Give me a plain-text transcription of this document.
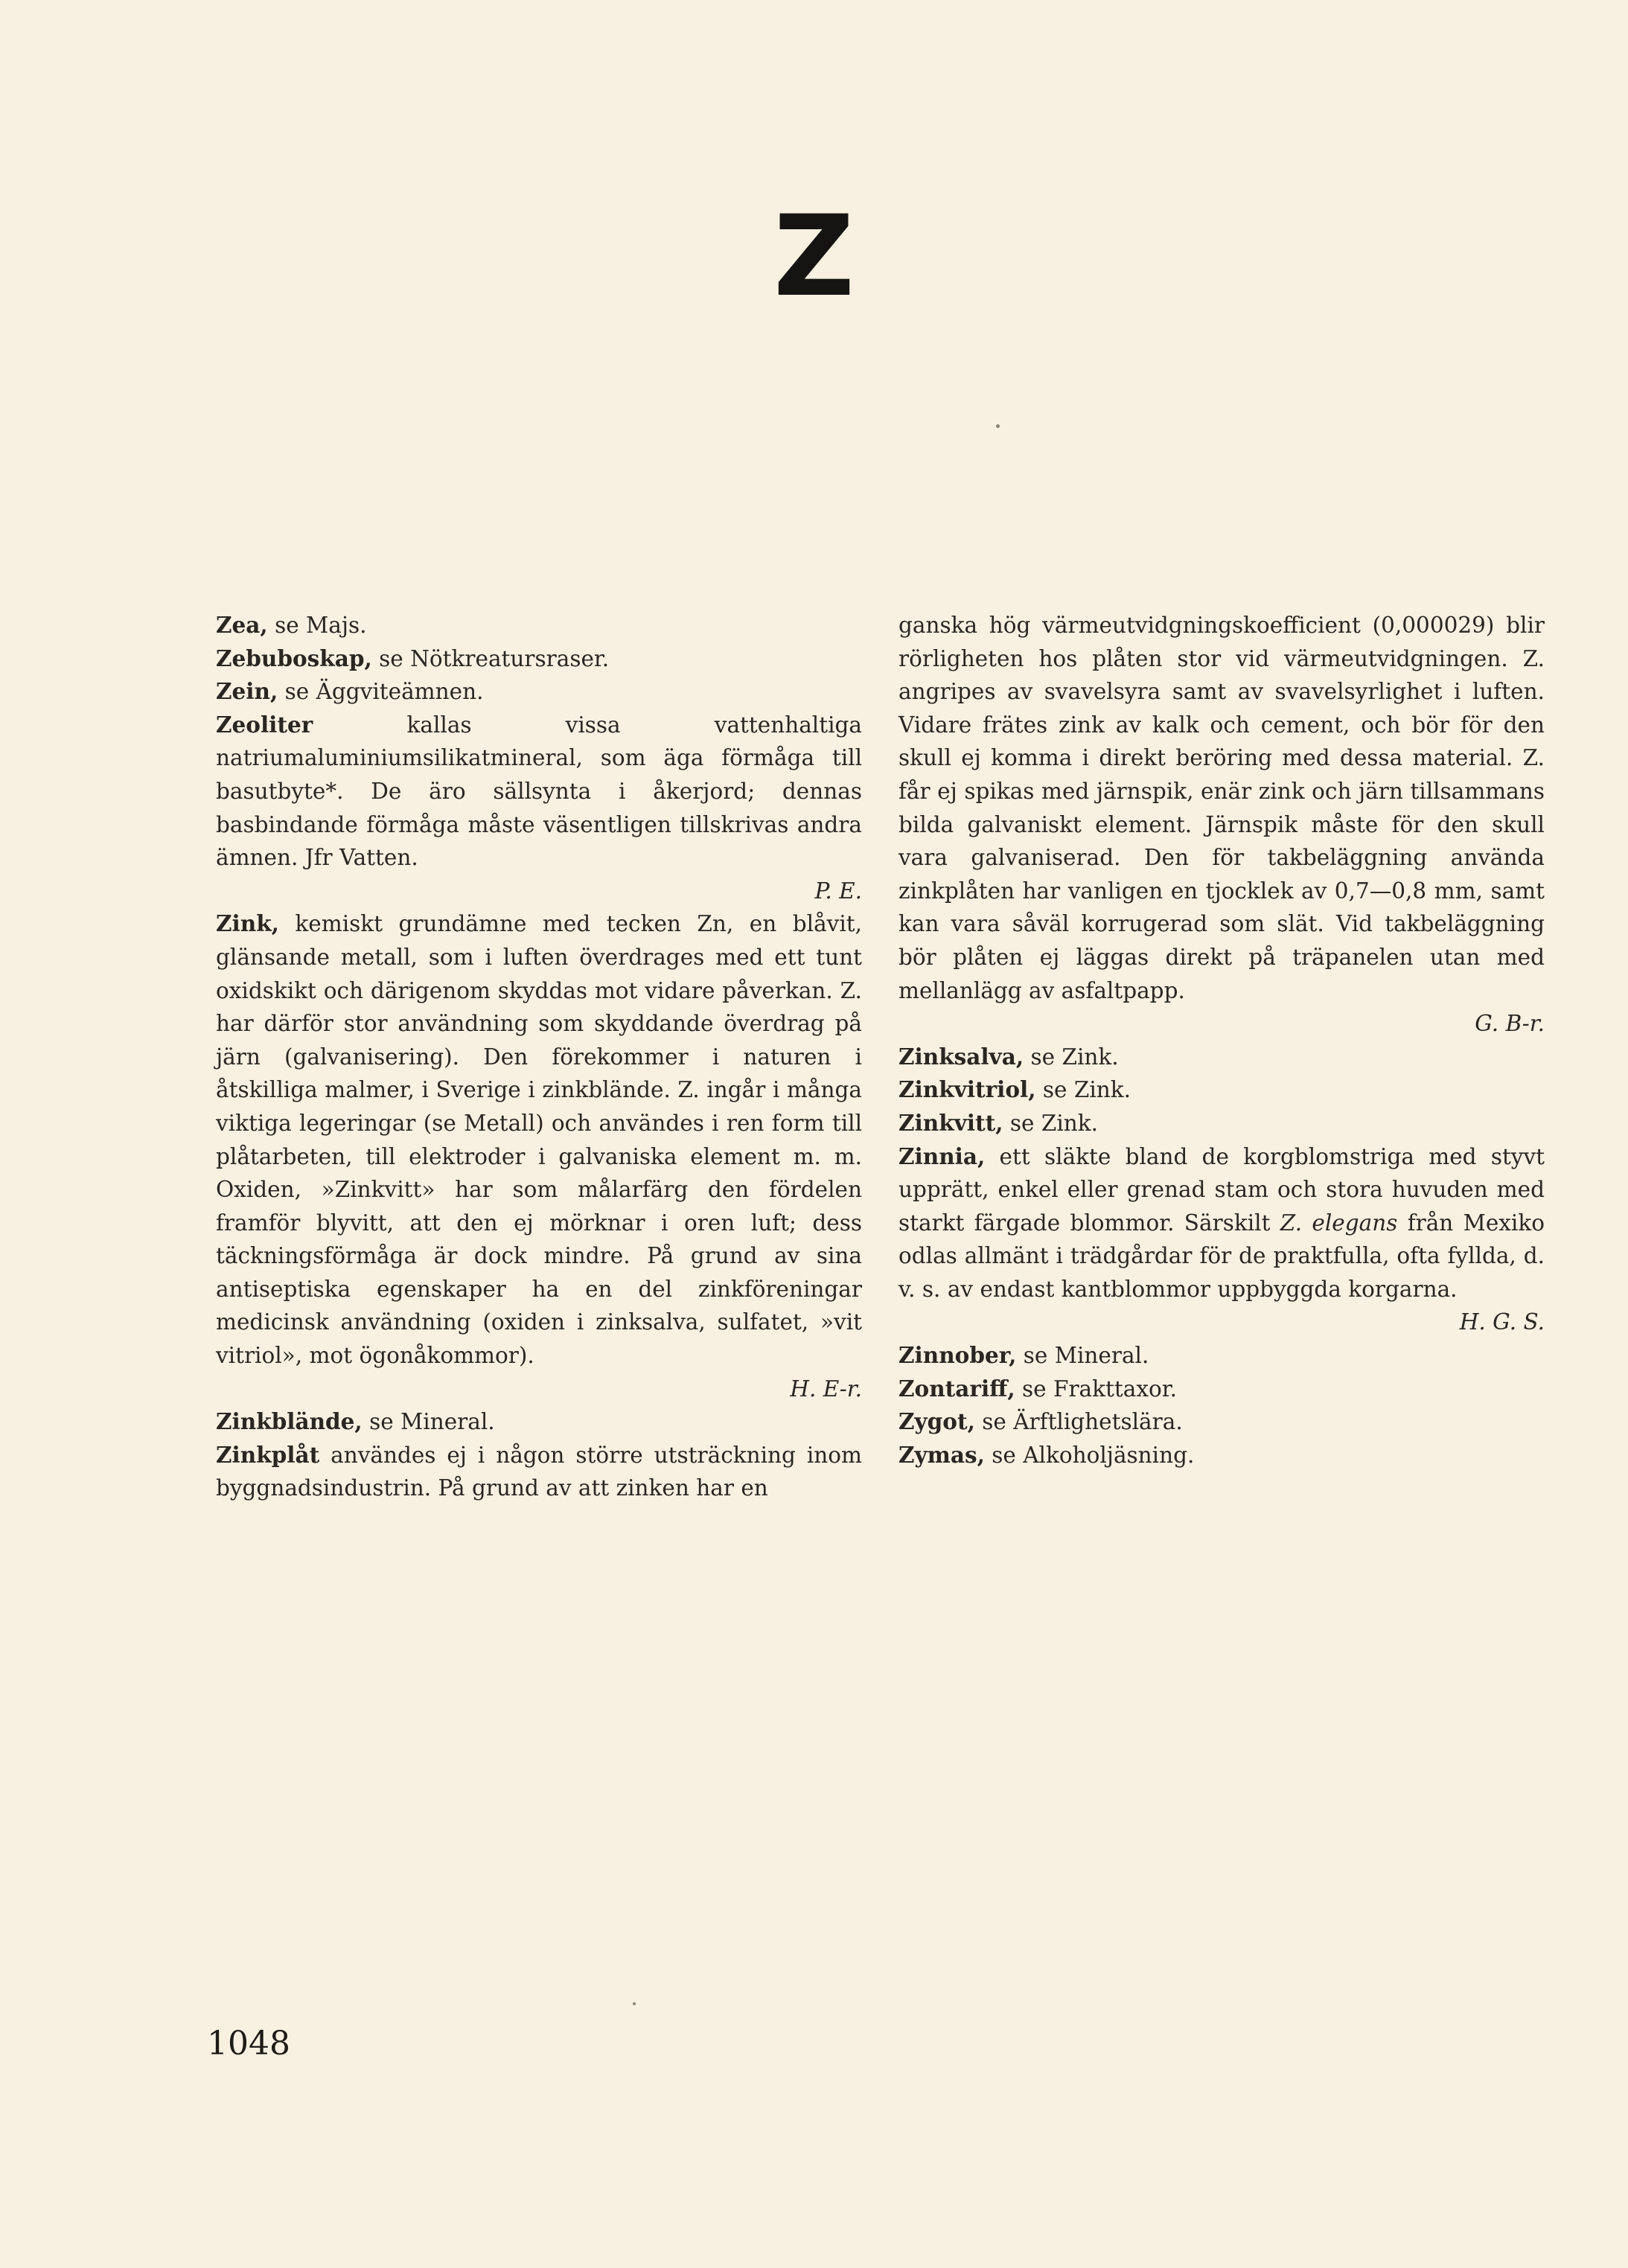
Z
Zea, se Majs.
Zebuboskap, se Nötkreatursraser.
Zein, se Äggviteämnen.
Zeoliter kallas vissa vattenhaltiga natriumaluminiumsilikatmineral, som äga förmåga till basutbyte*. De äro sällsynta i åkerjord; dennas basbindande förmåga måste väsentligen tillskrivas andra ämnen. Jfr Vatten.
P. E.
Zink, kemiskt grundämne med tecken Zn, en blåvit, glänsande metall, som i luften överdrages med ett tunt oxidskikt och därigenom skyddas mot vidare påverkan. Z. har därför stor användning som skyddande överdrag på järn (galvanisering). Den förekommer i naturen i åtskilliga malmer, i Sverige i zinkblände. Z. ingår i många viktiga legeringar (se Metall) och användes i ren form till plåtarbeten, till elektroder i galvaniska element m. m. Oxiden, »Zinkvitt» har som målarfärg den fördelen framför blyvitt, att den ej mörknar i oren luft; dess täckningsförmåga är dock mindre. På grund av sina antiseptiska egenskaper ha en del zinkföreningar medicinsk användning (oxiden i zinksalva, sulfatet, »vit vitriol», mot ögonåkommor).
H. E-r.
Zinkblände, se Mineral.
Zinkplåt användes ej i någon större utsträckning inom byggnadsindustrin. På grund av att zinken har en
ganska hög värmeutvidgningskoefficient (0,000029) blir rörligheten hos plåten stor vid värmeutvidgningen. Z. angripes av svavelsyra samt av svavelsyrlighet i luften. Vidare frätes zink av kalk och cement, och bör för den skull ej komma i direkt beröring med dessa material. Z. får ej spikas med järnspik, enär zink och järn tillsammans bilda galvaniskt element. Järnspik måste för den skull vara galvaniserad. Den för takbeläggning använda zinkplåten har vanligen en tjocklek av 0,7—0,8 mm, samt kan vara såväl korrugerad som slät. Vid takbeläggning bör plåten ej läggas direkt på träpanelen utan med mellanlägg av asfaltpapp.
G. B-r.
Zinksalva, se Zink.
Zinkvitriol, se Zink.
Zinkvitt, se Zink.
Zinnia, ett släkte bland de korgblomstriga med styvt upprätt, enkel eller grenad stam och stora huvuden med starkt färgade blommor. Särskilt Z. elegans från Mexiko odlas allmänt i trädgårdar för de praktfulla, ofta fyllda, d. v. s. av endast kantblommor uppbyggda korgarna.
H. G. S.
Zinnober, se Mineral.
Zontariff, se Frakttaxor.
Zygot, se Ärftlighetslära.
Zymas, se Alkoholjäsning.
1048
